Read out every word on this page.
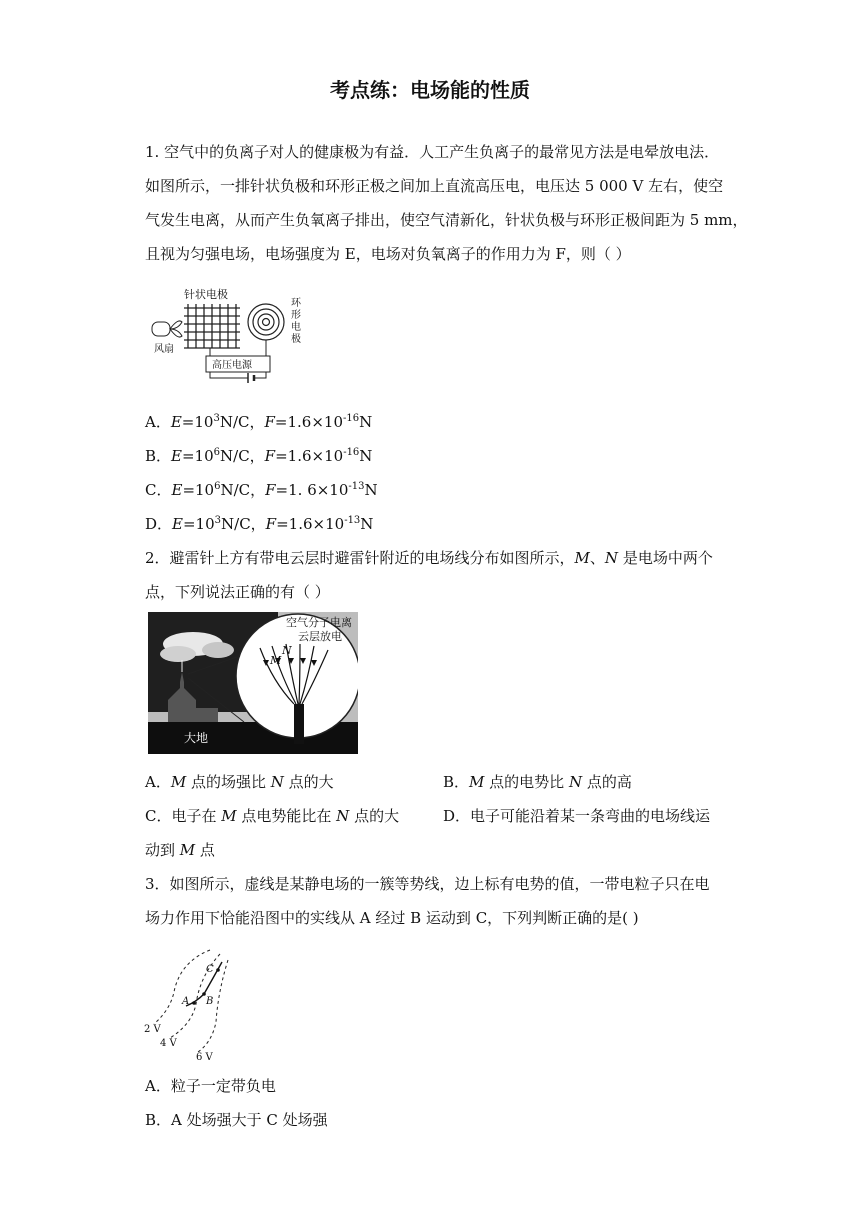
考点练：电场能的性质
1. 空气中的负离子对人的健康极为有益．人工产生负离子的最常见方法是电晕放电法．
如图所示，一排针状负极和环形正极之间加上直流高压电，电压达 5 000 V 左右，使空
气发生电离，从而产生负氧离子排出，使空气清新化，针状负极与环形正极间距为 5 mm，
且视为匀强电场，电场强度为 E，电场对负氧离子的作用力为 F，则（ ）
针状电极
环
形
电
极
风扇
高压电源
A．$E=10^3N/C$，$F=1.6\times 10^{-16}N$
B．$E=10^6N/C$，$F=1.6\times 10^{-16}N$
C．$E=10^6N/C$，F=1. $6\times 10^{-13}N$
D．$E=10^3N/C$，$F=1.6\times 10^{-13}N$
2．避雷针上方有带电云层时避雷针附近的电场线分布如图所示，M、N 是电场中两个
点，下列说法正确的有（ ）
空气分子电离
云层放电
M
N
大地
A．M 点的场强比 N 点的大	B．M 点的电势比 N 点的高
C．电子在 M 点电势能比在 N 点的大	D．电子可能沿着某一条弯曲的电场线运
动到 M 点
3．如图所示，虚线是某静电场的一簇等势线，边上标有电势的值，一带电粒子只在电
场力作用下恰能沿图中的实线从 A 经过 B 运动到 C，下列判断正确的是( )
A B
C
2 V
4 V
6 V
A．粒子一定带负电
B．A 处场强大于 C 处场强
